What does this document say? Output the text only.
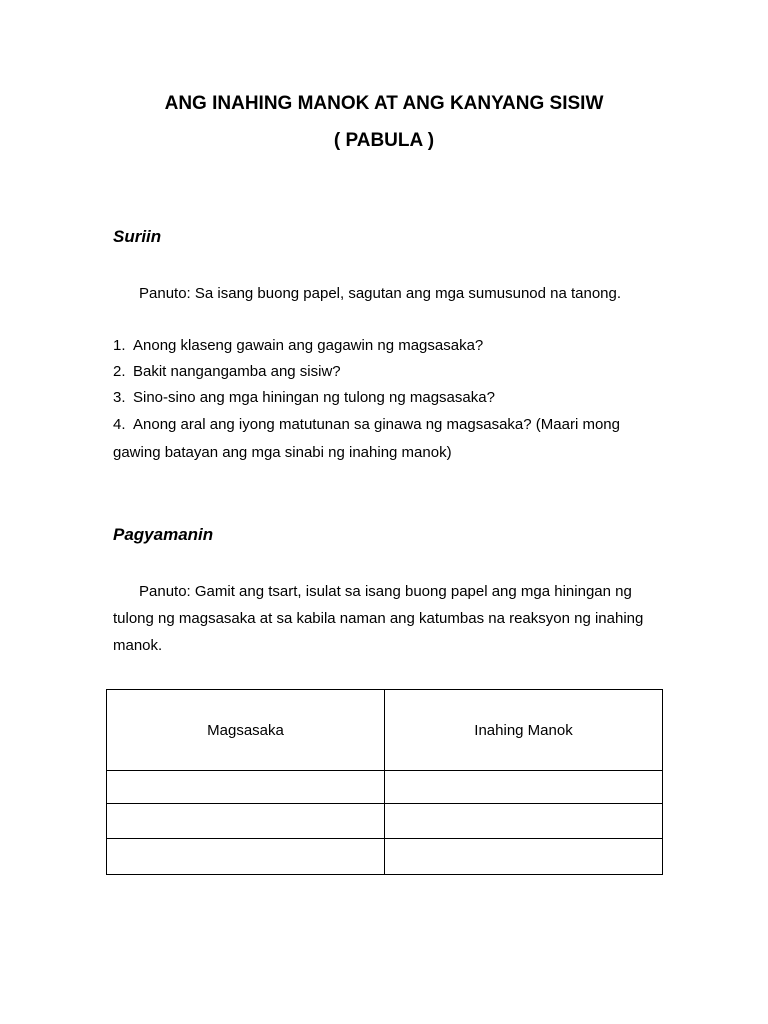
ANG INAHING MANOK AT ANG KANYANG SISIW
( PABULA )
Suriin
Panuto: Sa isang buong papel, sagutan ang mga sumusunod na tanong.
1. Anong klaseng gawain ang gagawin ng magsasaka?
2. Bakit nangangamba ang sisiw?
3. Sino-sino ang mga hiningan ng tulong ng magsasaka?
4. Anong aral ang iyong matutunan sa ginawa ng magsasaka? (Maari mong gawing batayan ang mga sinabi ng inahing manok)
Pagyamanin
Panuto: Gamit ang tsart, isulat sa isang buong papel ang mga hiningan ng tulong ng magsasaka at sa kabila naman ang katumbas na reaksyon ng inahing manok.
Magsasaka	Inahing Manok
